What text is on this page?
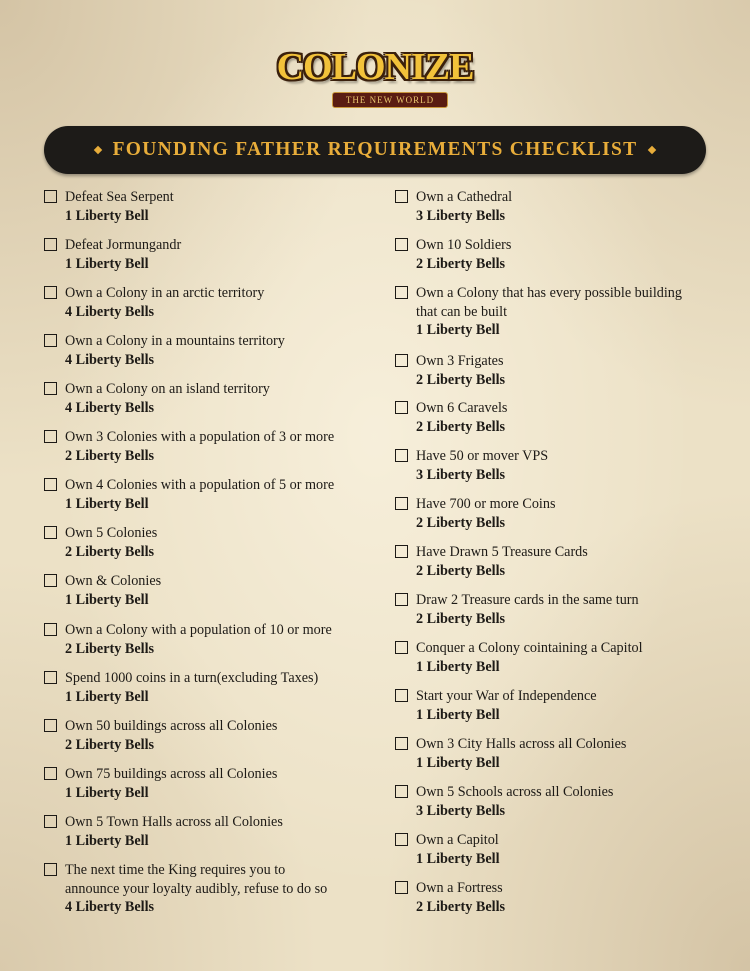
COLONIZE
THE NEW WORLD
FOUNDING FATHER REQUIREMENTS CHECKLIST
Defeat Sea Serpent
1 Liberty Bell
Defeat Jormungandr
1 Liberty Bell
Own a Colony in an arctic territory
4 Liberty Bells
Own a Colony in a mountains territory
4 Liberty Bells
Own a Colony on an island territory
4 Liberty Bells
Own 3 Colonies with a population of 3 or more
2 Liberty Bells
Own 4 Colonies with a population of 5 or more
1 Liberty Bell
Own 5 Colonies
2 Liberty Bells
Own & Colonies
1 Liberty Bell
Own a Colony with a population of 10 or more
2 Liberty Bells
Spend 1000 coins in a turn(excluding Taxes)
1 Liberty Bell
Own 50 buildings across all Colonies
2 Liberty Bells
Own 75 buildings across all Colonies
1 Liberty Bell
Own 5 Town Halls across all Colonies
1 Liberty Bell
The next time the King requires you to
announce your loyalty audibly, refuse to do so
4 Liberty Bells
Own a Cathedral
3 Liberty Bells
Own 10 Soldiers
2 Liberty Bells
Own a Colony that has every possible building
that can be built
1 Liberty Bell
Own 3 Frigates
2 Liberty Bells
Own 6 Caravels
2 Liberty Bells
Have 50 or mover VPS
3 Liberty Bells
Have 700 or more Coins
2 Liberty Bells
Have Drawn 5 Treasure Cards
2 Liberty Bells
Draw 2 Treasure cards in the same turn
2 Liberty Bells
Conquer a Colony cointaining a Capitol
1 Liberty Bell
Start your War of Independence
1 Liberty Bell
Own 3 City Halls across all Colonies
1 Liberty Bell
Own 5 Schools across all Colonies
3 Liberty Bells
Own a Capitol
1 Liberty Bell
Own a Fortress
2 Liberty Bells
